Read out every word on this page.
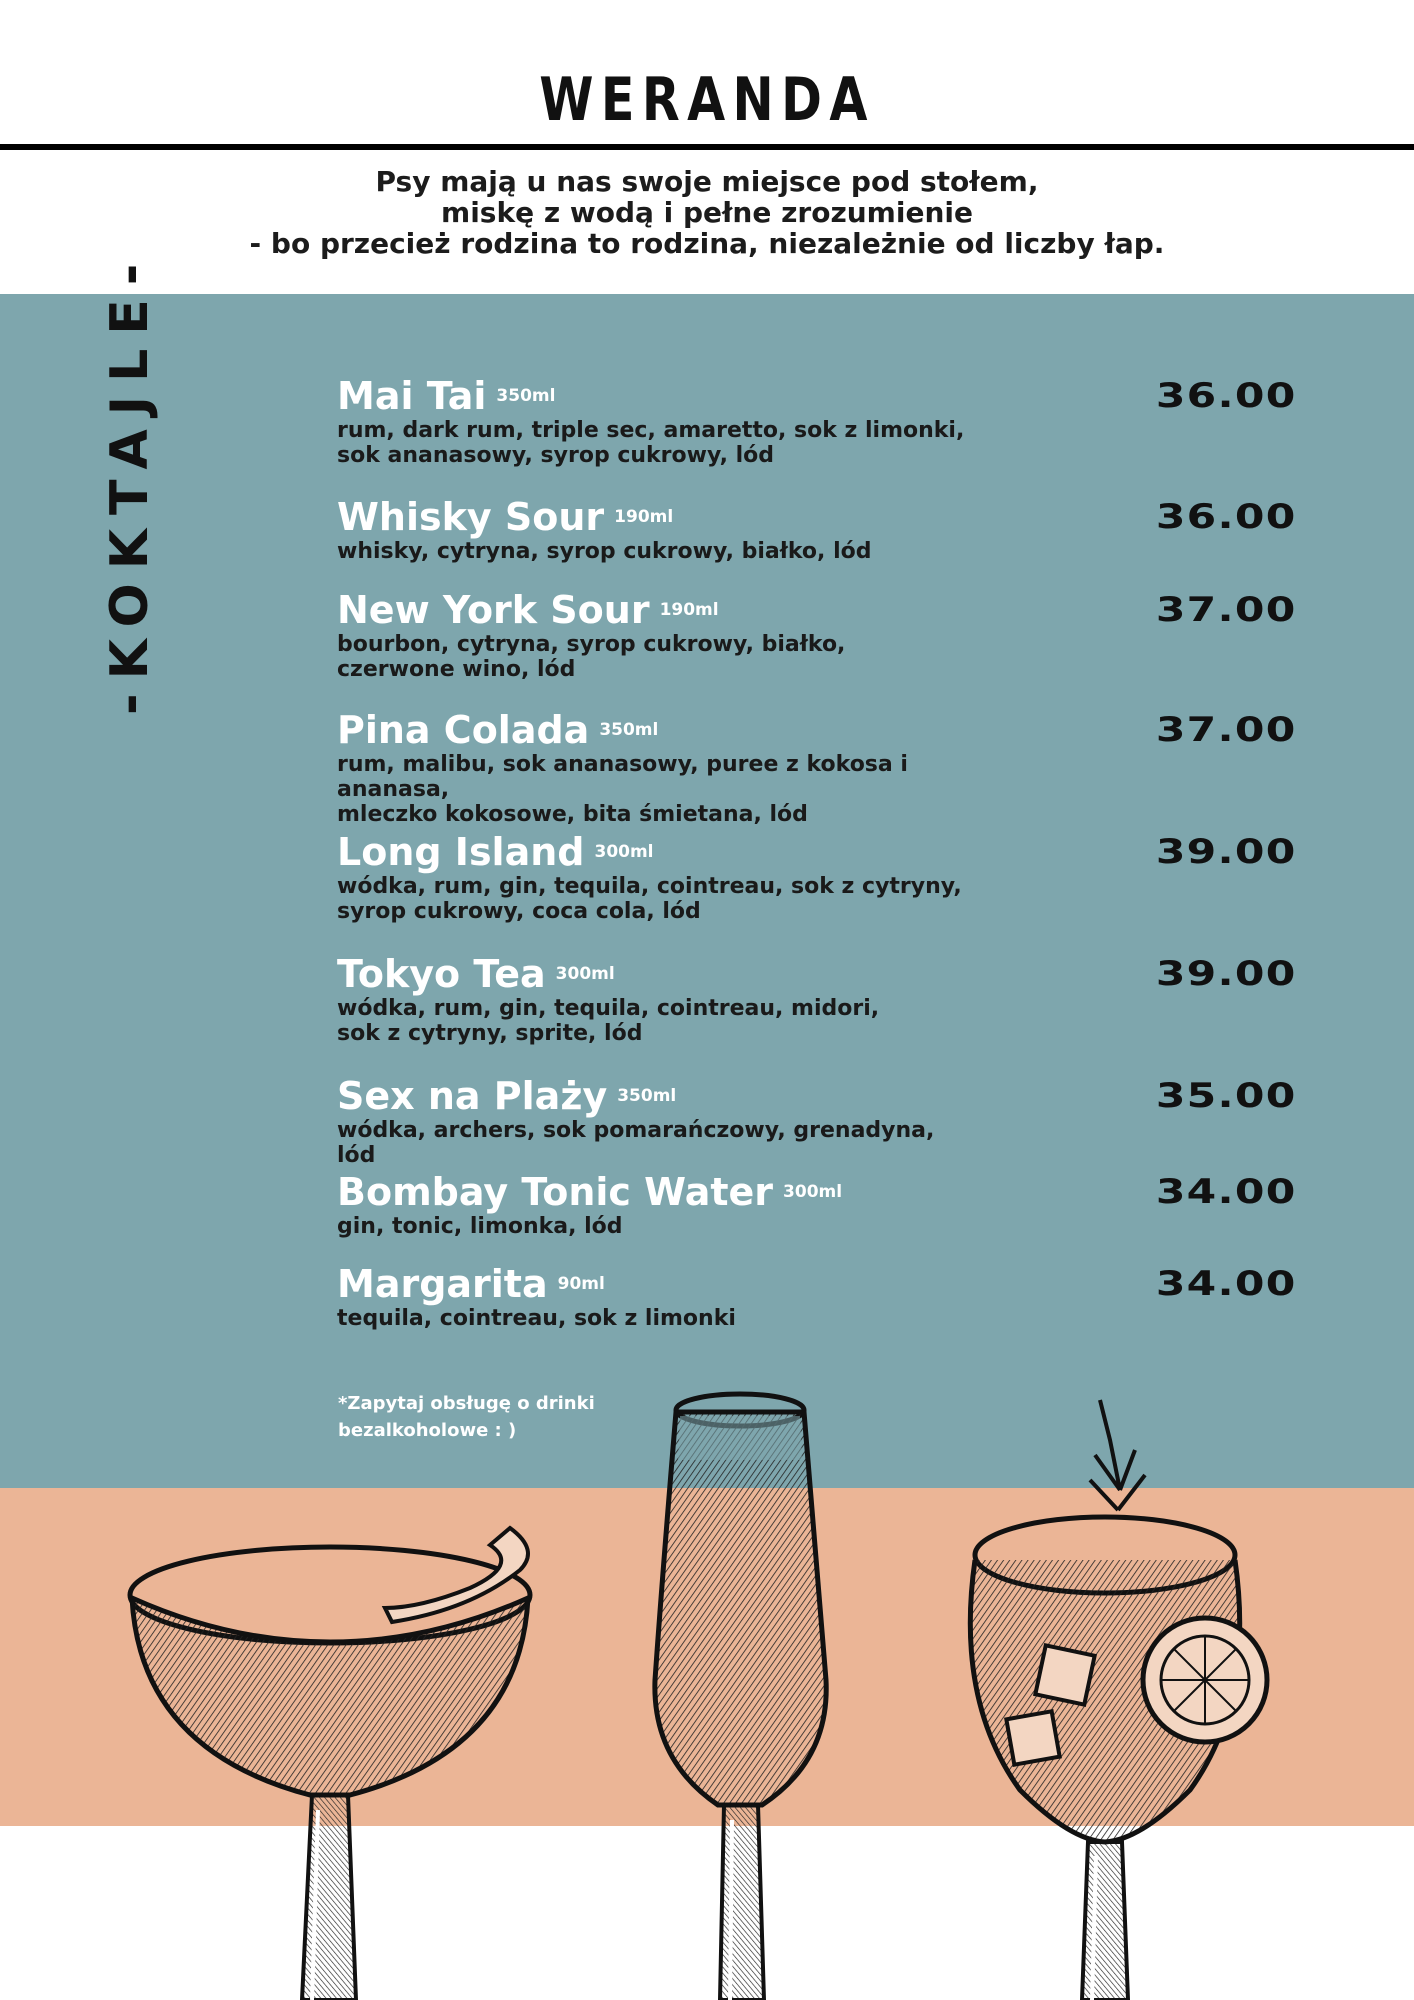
WERANDA
Psy mają u nas swoje miejsce pod stołem,
miskę z wodą i pełne zrozumienie
- bo przecież rodzina to rodzina, niezależnie od liczby łap.
-KOKTAJLE-	Mai Tai 350ml
rum, dark rum, triple sec, amaretto, sok z limonki,
sok ananasowy, syrop cukrowy, lód
36.00
Whisky Sour 190ml
whisky, cytryna, syrop cukrowy, białko, lód
36.00
New York Sour 190ml
bourbon, cytryna, syrop cukrowy, białko,
czerwone wino, lód
37.00
Pina Colada 350ml
rum, malibu, sok ananasowy, puree z kokosa i ananasa,
mleczko kokosowe, bita śmietana, lód
37.00
Long Island 300ml
wódka, rum, gin, tequila, cointreau, sok z cytryny,
syrop cukrowy, coca cola, lód
39.00
Tokyo Tea 300ml
wódka, rum, gin, tequila, cointreau, midori,
sok z cytryny, sprite, lód
39.00
Sex na Plaży 350ml
wódka, archers, sok pomarańczowy, grenadyna, lód
35.00
Bombay Tonic Water 300ml
gin, tonic, limonka, lód
34.00
Margarita 90ml
tequila, cointreau, sok z limonki
34.00
*Zapytaj obsługę o drinki
bezalkoholowe : )
